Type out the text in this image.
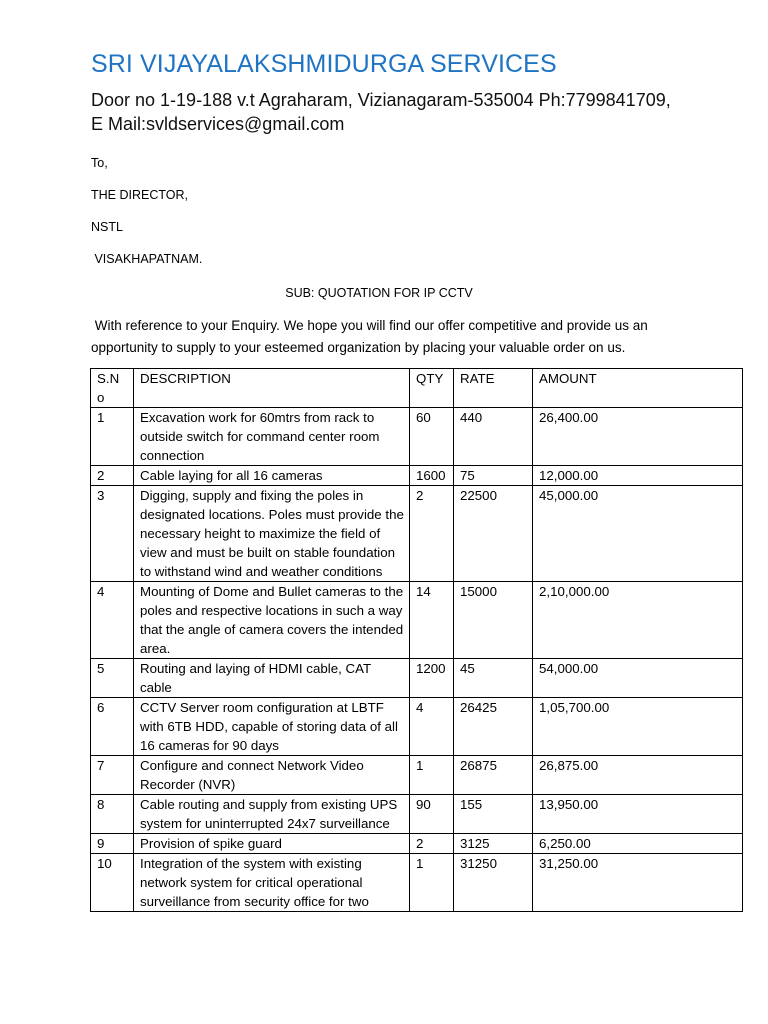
SRI VIJAYALAKSHMIDURGA SERVICES
Door no 1-19-188 v.t Agraharam, Vizianagaram-535004 Ph:7799841709,
E Mail:svldservices@gmail.com
To,
THE DIRECTOR,
NSTL
VISAKHAPATNAM.
SUB: QUOTATION FOR IP CCTV
With reference to your Enquiry. We hope you will find our offer competitive and provide us an
opportunity to supply to your esteemed organization by placing your valuable order on us.
S.N o	DESCRIPTION	QTY	RATE	AMOUNT
1	Excavation work for 60mtrs from rack to outside switch for command center room connection	60	440	26,400.00
2	Cable laying for all 16 cameras	1600	75	12,000.00
3	Digging, supply and fixing the poles in designated locations. Poles must provide the necessary height to maximize the field of view and must be built on stable foundation to withstand wind and weather conditions	2	22500	45,000.00
4	Mounting of Dome and Bullet cameras to the poles and respective locations in such a way that the angle of camera covers the intended area.	14	15000	2,10,000.00
5	Routing and laying of HDMI cable, CAT cable	1200	45	54,000.00
6	CCTV Server room configuration at LBTF with 6TB HDD, capable of storing data of all 16 cameras for 90 days	4	26425	1,05,700.00
7	Configure and connect Network Video Recorder (NVR)	1	26875	26,875.00
8	Cable routing and supply from existing UPS system for uninterrupted 24x7 surveillance	90	155	13,950.00
9	Provision of spike guard	2	3125	6,250.00
10	Integration of the system with existing network system for critical operational surveillance from security office for two	1	31250	31,250.00
